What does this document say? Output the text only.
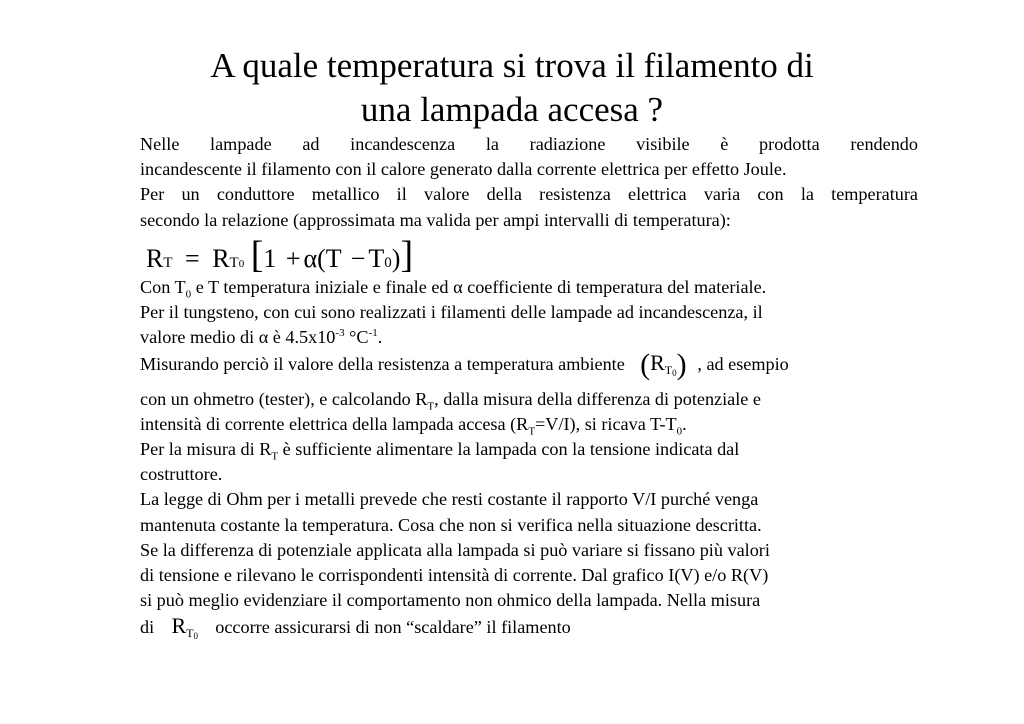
A quale temperatura si trova il filamento di
una lampada accesa ?
Nelle lampade ad incandescenza la radiazione visibile è prodotta rendendo
incandescente il filamento con il calore generato dalla corrente elettrica per effetto Joule.
Per un conduttore metallico il valore della resistenza elettrica varia con la temperatura
secondo la relazione (approssimata ma valida per ampi intervalli di temperatura):
RT = RT0 [1 + α(T − T0)]
Con $T_0$ e T temperatura iniziale e finale ed α coefficiente di temperatura del materiale.
Per il tungsteno, con cui sono realizzati i filamenti delle lampade ad incandescenza, il
valore medio di α è $4.5x10^{-3}$ $^\circ C^{-1}$.
Misurando perciò il valore della resistenza a temperatura ambiente $(R_{T0})$ , ad esempio
con un ohmetro (tester), e calcolando $R_T$, dalla misura della differenza di potenziale e
intensità di corrente elettrica della lampada accesa $(R_T=V/I)$, si ricava $T-T_0$.
Per la misura di $R_T$ è sufficiente alimentare la lampada con la tensione indicata dal
costruttore.
La legge di Ohm per i metalli prevede che resti costante il rapporto V/I purché venga
mantenuta costante la temperatura. Cosa che non si verifica nella situazione descritta.
Se la differenza di potenziale applicata alla lampada si può variare si fissano più valori
di tensione e rilevano le corrispondenti intensità di corrente. Dal grafico I(V) e/o R(V)
si può meglio evidenziare il comportamento non ohmico della lampada. Nella misura
di $R_{T0}$ occorre assicurarsi di non “scaldare” il filamento
